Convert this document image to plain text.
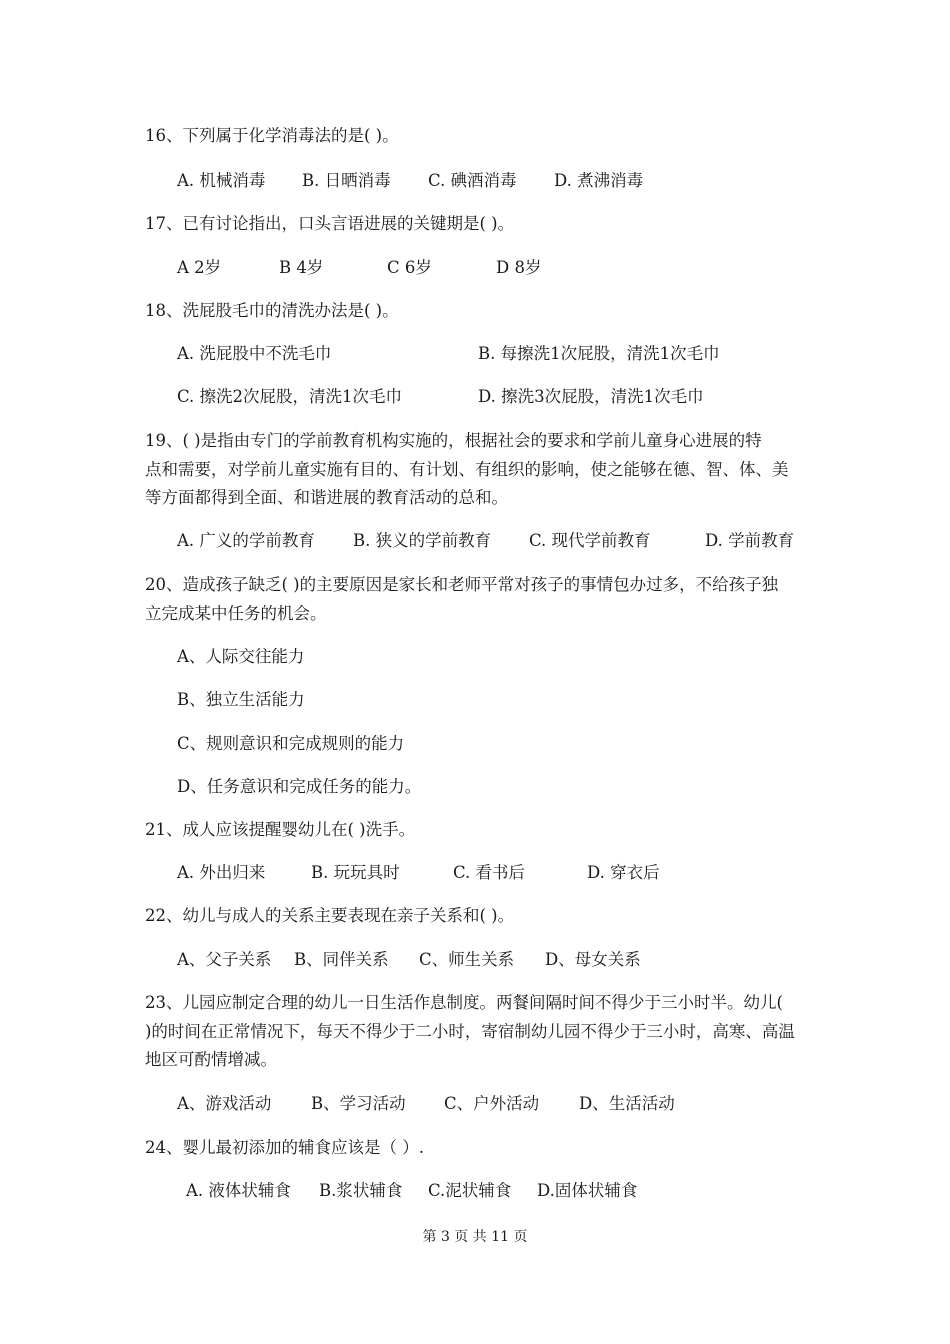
16、下列属于化学消毒法的是( )。
A. 机械消毒 B. 日晒消毒 C. 碘酒消毒 D. 煮沸消毒
17、已有讨论指出，口头言语进展的关键期是( )。
A 2岁	B 4岁	C 6岁	D 8岁
18、洗屁股毛巾的清洗办法是( )。
A. 洗屁股中不洗毛巾	B. 每擦洗1次屁股，清洗1次毛巾
C. 擦洗2次屁股，清洗1次毛巾	D. 擦洗3次屁股，清洗1次毛巾
19、( )是指由专门的学前教育机构实施的，根据社会的要求和学前儿童身心进展的特
点和需要，对学前儿童实施有目的、有计划、有组织的影响，使之能够在德、智、体、美
等方面都得到全面、和谐进展的教育活动的总和。
A. 广义的学前教育 B. 狭义的学前教育 C. 现代学前教育	D. 学前教育
20、造成孩子缺乏( )的主要原因是家长和老师平常对孩子的事情包办过多，不给孩子独
立完成某中任务的机会。
A、人际交往能力
B、独立生活能力
C、规则意识和完成规则的能力
D、任务意识和完成任务的能力。
21、成人应该提醒婴幼儿在( )洗手。
A. 外出归来	B. 玩玩具时	C. 看书后	D. 穿衣后
22、幼儿与成人的关系主要表现在亲子关系和( )。
A、父子关系 B、同伴关系 C、师生关系 D、母女关系
23、儿园应制定合理的幼儿一日生活作息制度。两餐间隔时间不得少于三小时半。幼儿(
)的时间在正常情况下，每天不得少于二小时，寄宿制幼儿园不得少于三小时，高寒、高温
地区可酌情增减。
A、游戏活动 B、学习活动 C、户外活动 D、生活活动
24、婴儿最初添加的辅食应该是（ ）.
A. 液体状辅食 B.浆状辅食 C.泥状辅食 D.固体状辅食
第 3 页 共 11 页
